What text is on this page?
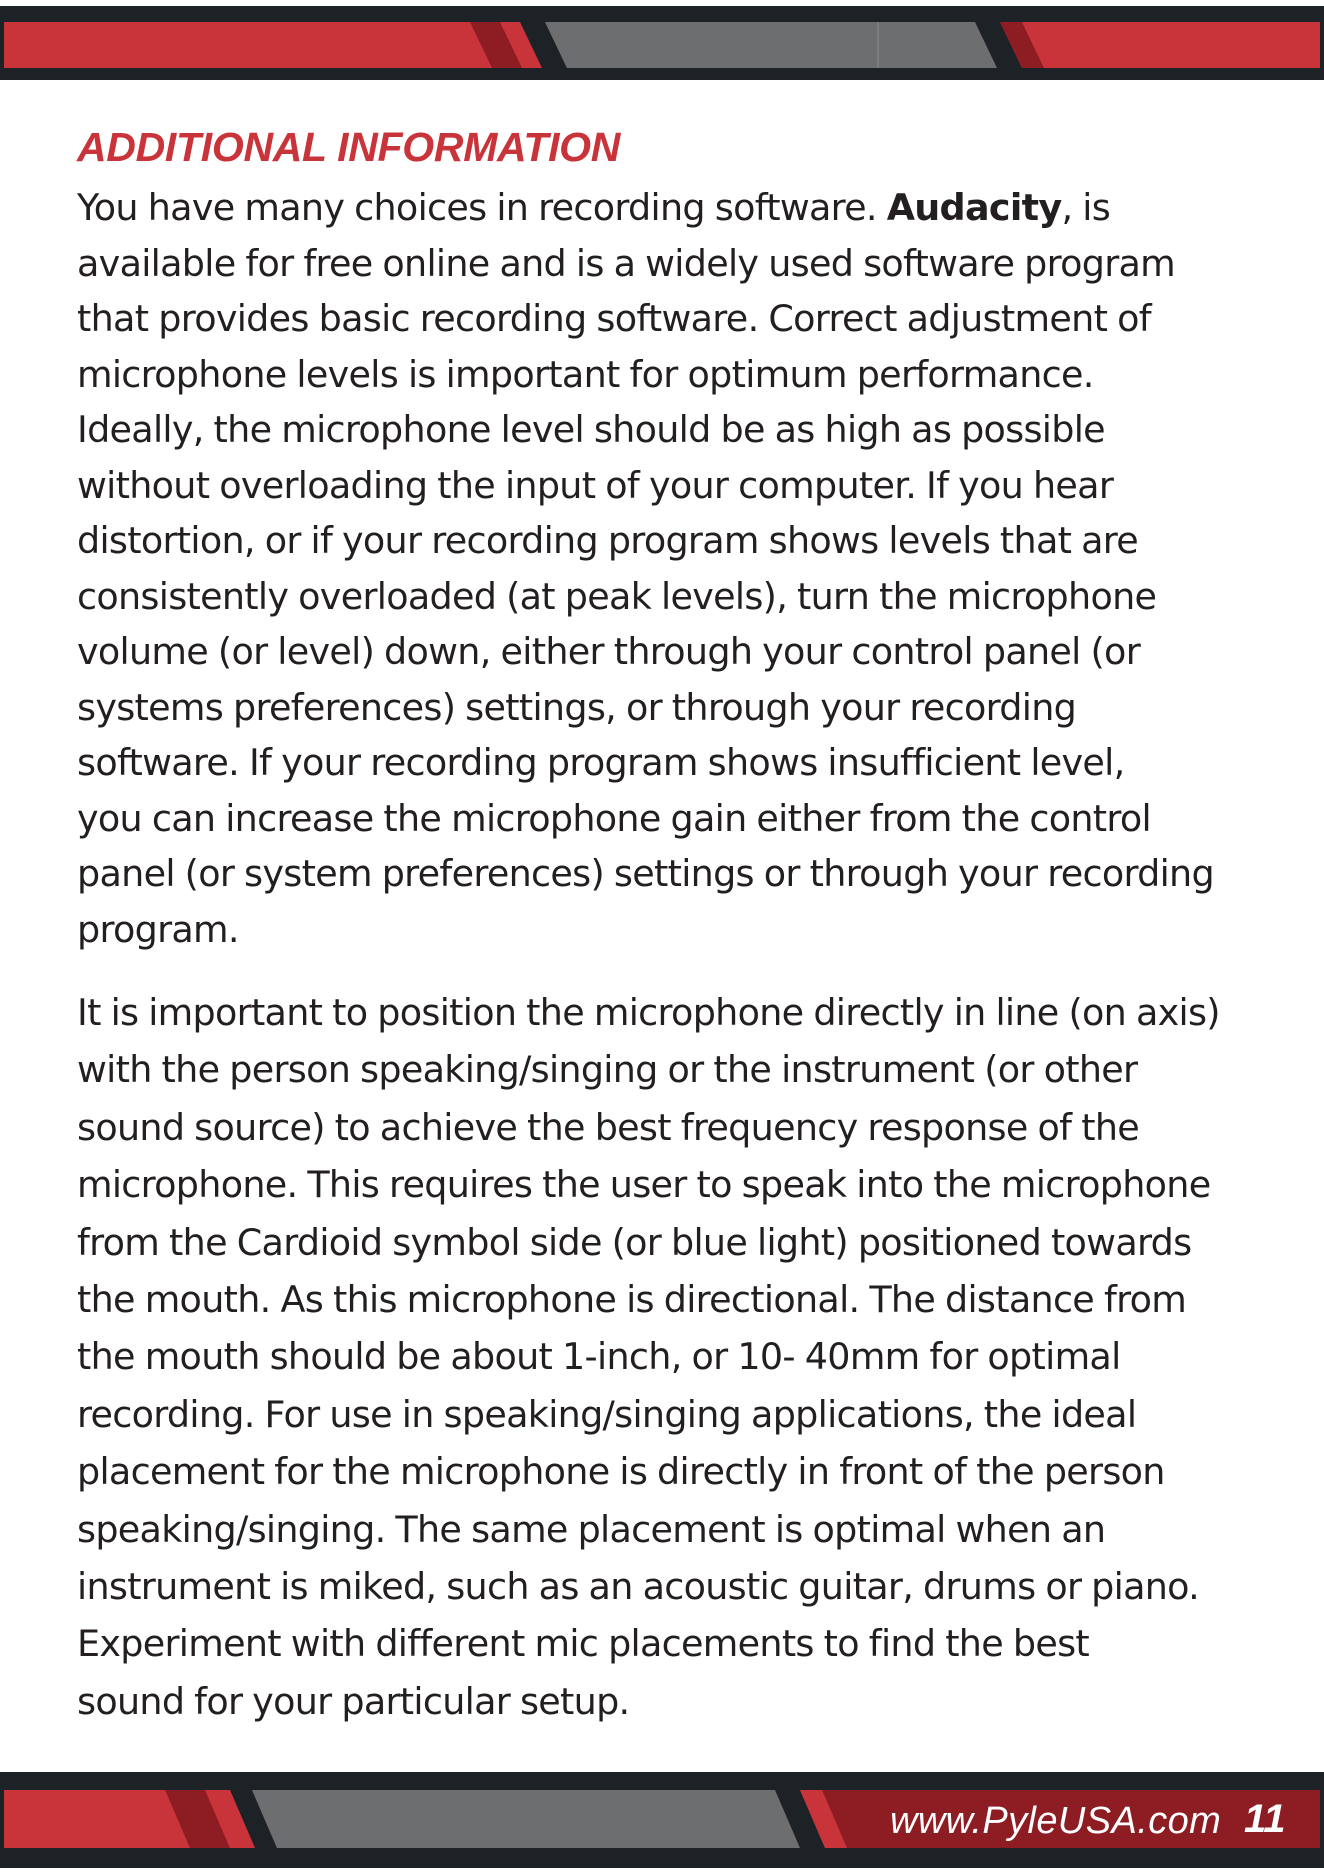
ADDITIONAL INFORMATION

You have many choices in recording software. Audacity, is
available for free online and is a widely used software program
that provides basic recording software. Correct adjustment of
microphone levels is important for optimum performance.
Ideally, the microphone level should be as high as possible
without overloading the input of your computer. If you hear
distortion, or if your recording program shows levels that are
consistently overloaded (at peak levels), turn the microphone
volume (or level) down, either through your control panel (or
systems preferences) settings, or through your recording
software. If your recording program shows insufficient level,
you can increase the microphone gain either from the control
panel (or system preferences) settings or through your recording
program.

It is important to position the microphone directly in line (on axis)
with the person speaking/singing or the instrument (or other
sound source) to achieve the best frequency response of the
microphone. This requires the user to speak into the microphone
from the Cardioid symbol side (or blue light) positioned towards
the mouth. As this microphone is directional. The distance from
the mouth should be about 1-inch, or 10- 40mm for optimal
recording. For use in speaking/singing applications, the ideal
placement for the microphone is directly in front of the person
speaking/singing. The same placement is optimal when an
instrument is miked, such as an acoustic guitar, drums or piano.
Experiment with different mic placements to find the best
sound for your particular setup.

www.PyleUSA.com 11
